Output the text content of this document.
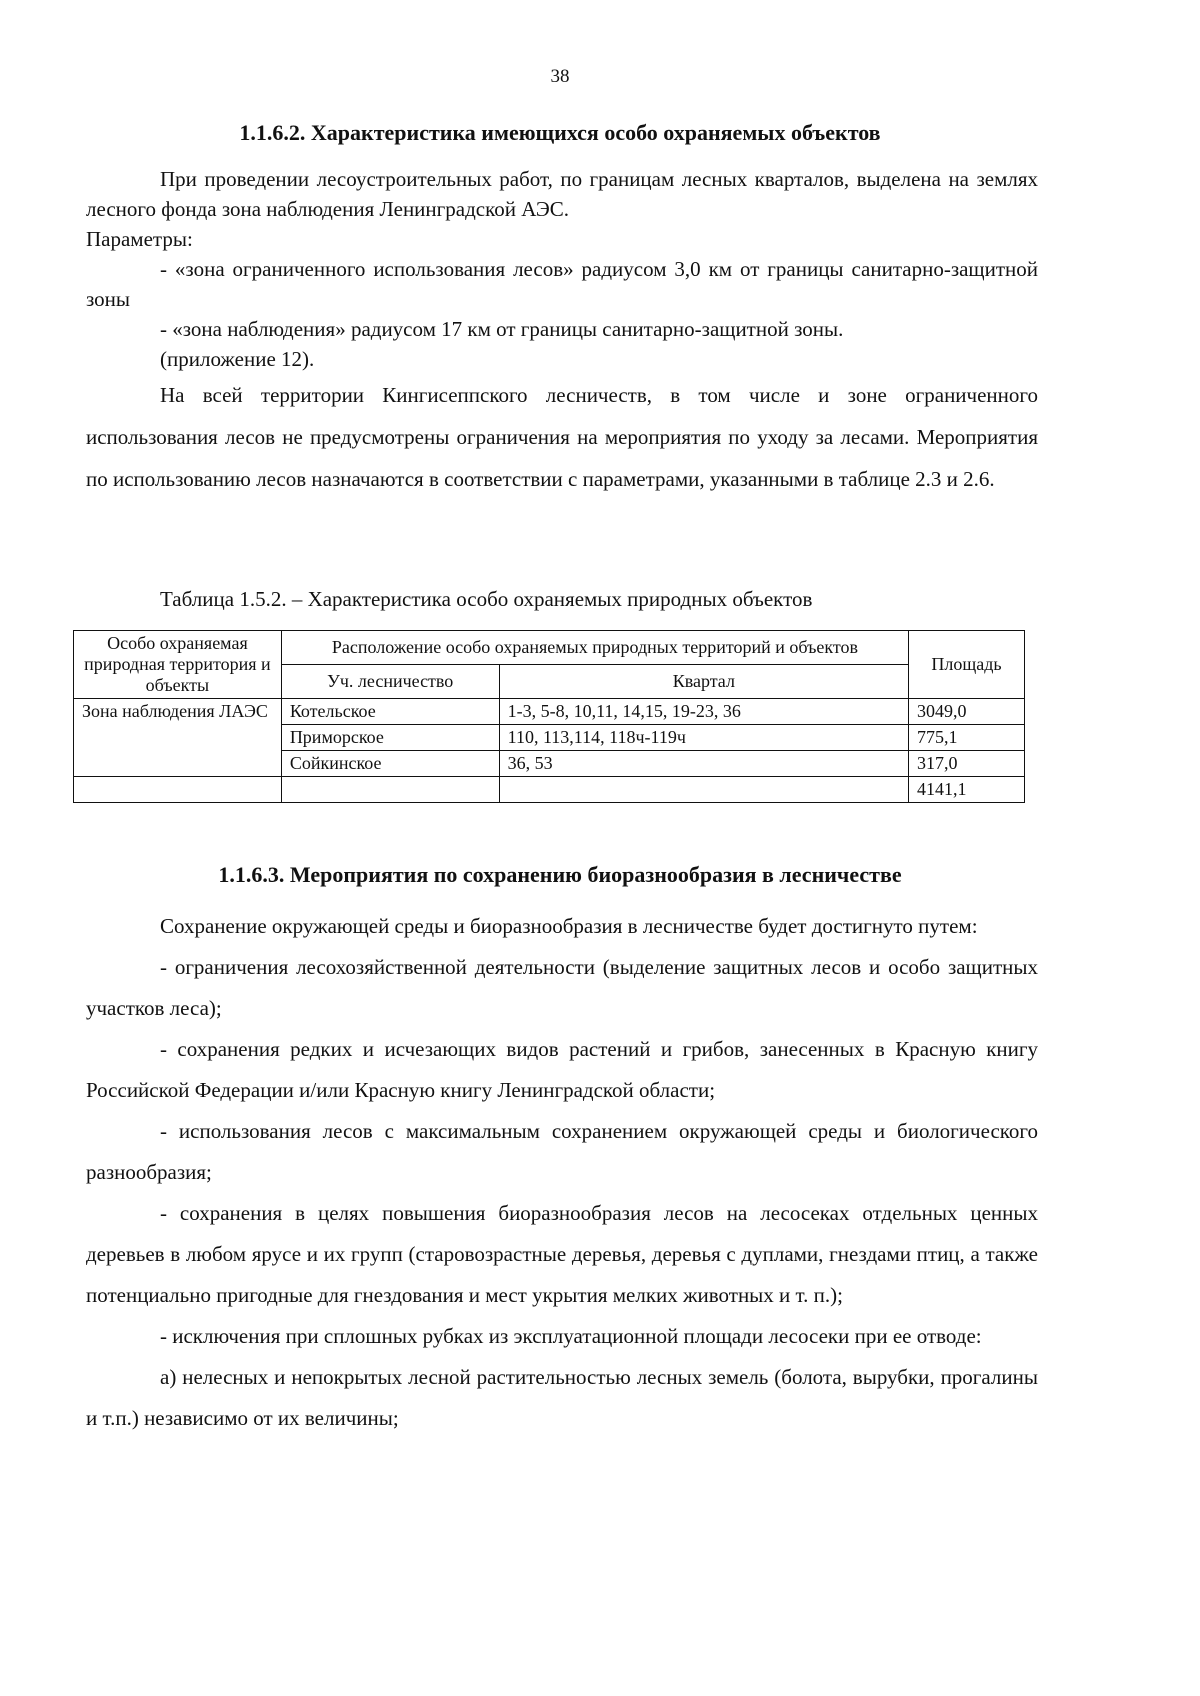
38
1.1.6.2. Характеристика имеющихся особо охраняемых объектов

При проведении лесоустроительных работ, по границам лесных кварталов, выделена на землях лесного фонда зона наблюдения Ленинградской АЭС.

Параметры:

- «зона ограниченного использования лесов» радиусом 3,0 км от границы санитарно-защитной зоны

- «зона наблюдения» радиусом 17 км от границы санитарно-защитной зоны.

(приложение 12).

На всей территории Кингисеппского лесничеств, в том числе и зоне ограниченного использования лесов не предусмотрены ограничения на мероприятия по уходу за лесами. Мероприятия по использованию лесов назначаются в соответствии с параметрами, указанными в таблице 2.3 и 2.6.

Таблица 1.5.2. – Характеристика особо охраняемых природных объектов
Особо охраняемая природная территория и объекты	Расположение особо охраняемых природных территорий и объектов		Площадь
	Уч. лесничество	Квартал	
Зона наблюдения ЛАЭС	Котельское	1-3, 5-8, 10,11, 14,15, 19-23, 36	3049,0
	Приморское	110, 113,114, 118ч-119ч	775,1
	Сойкинское	36, 53	317,0
			4141,1
1.1.6.3. Мероприятия по сохранению биоразнообразия в лесничестве

Сохранение окружающей среды и биоразнообразия в лесничестве будет достигнуто путем:

- ограничения лесохозяйственной деятельности (выделение защитных лесов и особо защитных участков леса);

- сохранения редких и исчезающих видов растений и грибов, занесенных в Красную книгу Российской Федерации и/или Красную книгу Ленинградской области;

- использования лесов с максимальным сохранением окружающей среды и биологического разнообразия;

- сохранения в целях повышения биоразнообразия лесов на лесосеках отдельных ценных деревьев в любом ярусе и их групп (старовозрастные деревья, деревья с дуплами, гнездами птиц, а также потенциально пригодные для гнездования и мест укрытия мелких животных и т. п.);

- исключения при сплошных рубках из эксплуатационной площади лесосеки при ее отводе:

а) нелесных и непокрытых лесной растительностью лесных земель (болота, вырубки, прогалины и т.п.) независимо от их величины;
